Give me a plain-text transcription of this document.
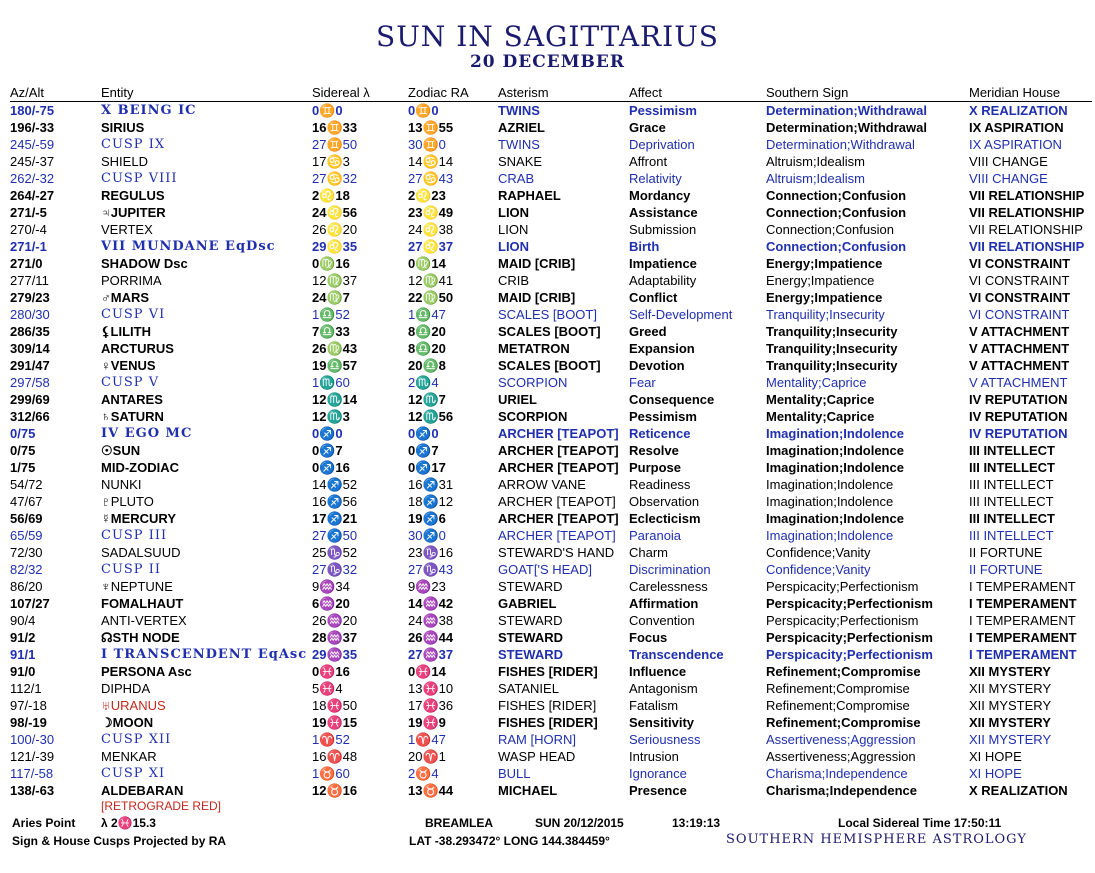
SUN IN SAGITTARIUS
20 DECEMBER
Az/Alt	Entity	Sidereal λ	Zodiac RA	Asterism	Affect	Southern Sign	Meridian House
180/-75	X BEING IC	0♊0	0♊0	TWINS	Pessimism	Determination;Withdrawal	X REALIZATION
196/-33	SIRIUS	16♊33	13♊55	AZRIEL	Grace	Determination;Withdrawal	IX ASPIRATION
245/-59	CUSP IX	27♊50	30♊0	TWINS	Deprivation	Determination;Withdrawal	IX ASPIRATION
245/-37	SHIELD	17♋3	14♋14	SNAKE	Affront	Altruism;Idealism	VIII CHANGE
262/-32	CUSP VIII	27♋32	27♋43	CRAB	Relativity	Altruism;Idealism	VIII CHANGE
264/-27	REGULUS	2♌18	2♌23	RAPHAEL	Mordancy	Connection;Confusion	VII RELATIONSHIP
271/-5	♃JUPITER	24♌56	23♌49	LION	Assistance	Connection;Confusion	VII RELATIONSHIP
270/-4	VERTEX	26♌20	24♌38	LION	Submission	Connection;Confusion	VII RELATIONSHIP
271/-1	VII MUNDANE EqDsc	29♌35	27♌37	LION	Birth	Connection;Confusion	VII RELATIONSHIP
271/0	SHADOW Dsc	0♍16	0♍14	MAID [CRIB]	Impatience	Energy;Impatience	VI CONSTRAINT
277/11	PORRIMA	12♍37	12♍41	CRIB	Adaptability	Energy;Impatience	VI CONSTRAINT
279/23	♂MARS	24♍7	22♍50	MAID [CRIB]	Conflict	Energy;Impatience	VI CONSTRAINT
280/30	CUSP VI	1♎52	1♎47	SCALES [BOOT]	Self-Development	Tranquility;Insecurity	VI CONSTRAINT
286/35	⚸LILITH	7♎33	8♎20	SCALES [BOOT]	Greed	Tranquility;Insecurity	V ATTACHMENT
309/14	ARCTURUS	26♍43	8♎20	METATRON	Expansion	Tranquility;Insecurity	V ATTACHMENT
291/47	♀VENUS	19♎57	20♎8	SCALES [BOOT]	Devotion	Tranquility;Insecurity	V ATTACHMENT
297/58	CUSP V	1♏60	2♏4	SCORPION	Fear	Mentality;Caprice	V ATTACHMENT
299/69	ANTARES	12♏14	12♏7	URIEL	Consequence	Mentality;Caprice	IV REPUTATION
312/66	♄SATURN	12♏3	12♏56	SCORPION	Pessimism	Mentality;Caprice	IV REPUTATION
0/75	IV EGO MC	0♐0	0♐0	ARCHER [TEAPOT]	Reticence	Imagination;Indolence	IV REPUTATION
0/75	☉SUN	0♐7	0♐7	ARCHER [TEAPOT]	Resolve	Imagination;Indolence	III INTELLECT
1/75	MID-ZODIAC	0♐16	0♐17	ARCHER [TEAPOT]	Purpose	Imagination;Indolence	III INTELLECT
54/72	NUNKI	14♐52	16♐31	ARROW VANE	Readiness	Imagination;Indolence	III INTELLECT
47/67	♇PLUTO	16♐56	18♐12	ARCHER [TEAPOT]	Observation	Imagination;Indolence	III INTELLECT
56/69	☿MERCURY	17♐21	19♐6	ARCHER [TEAPOT]	Eclecticism	Imagination;Indolence	III INTELLECT
65/59	CUSP III	27♐50	30♐0	ARCHER [TEAPOT]	Paranoia	Imagination;Indolence	III INTELLECT
72/30	SADALSUUD	25♑52	23♑16	STEWARD'S HAND	Charm	Confidence;Vanity	II FORTUNE
82/32	CUSP II	27♑32	27♑43	GOAT['S HEAD]	Discrimination	Confidence;Vanity	II FORTUNE
86/20	♆NEPTUNE	9♒34	9♒23	STEWARD	Carelessness	Perspicacity;Perfectionism	I TEMPERAMENT
107/27	FOMALHAUT	6♒20	14♒42	GABRIEL	Affirmation	Perspicacity;Perfectionism	I TEMPERAMENT
90/4	ANTI-VERTEX	26♒20	24♒38	STEWARD	Convention	Perspicacity;Perfectionism	I TEMPERAMENT
91/2	☊STH NODE	28♒37	26♒44	STEWARD	Focus	Perspicacity;Perfectionism	I TEMPERAMENT
91/1	I TRANSCENDENT EqAsc	29♒35	27♒37	STEWARD	Transcendence	Perspicacity;Perfectionism	I TEMPERAMENT
91/0	PERSONA Asc	0♓16	0♓14	FISHES [RIDER]	Influence	Refinement;Compromise	XII MYSTERY
112/1	DIPHDA	5♓4	13♓10	SATANIEL	Antagonism	Refinement;Compromise	XII MYSTERY
97/-18	♅URANUS	18♓50	17♓36	FISHES [RIDER]	Fatalism	Refinement;Compromise	XII MYSTERY
98/-19	☽MOON	19♓15	19♓9	FISHES [RIDER]	Sensitivity	Refinement;Compromise	XII MYSTERY
100/-30	CUSP XII	1♈52	1♈47	RAM [HORN]	Seriousness	Assertiveness;Aggression	XII MYSTERY
121/-39	MENKAR	16♈48	20♈1	WASP HEAD	Intrusion	Assertiveness;Aggression	XI HOPE
117/-58	CUSP XI	1♉60	2♉4	BULL	Ignorance	Charisma;Independence	XI HOPE
138/-63	ALDEBARAN	12♉16	13♉44	MICHAEL	Presence	Charisma;Independence	X REALIZATION
[RETROGRADE RED]
Aries Point λ 2♓15.3
Sign & House Cusps Projected by RA
BREAMLEA	SUN 20/12/2015	13:19:13	Local Sidereal Time 17:50:11
LAT -38.293472° LONG 144.384459°	SOUTHERN HEMISPHERE ASTROLOGY
